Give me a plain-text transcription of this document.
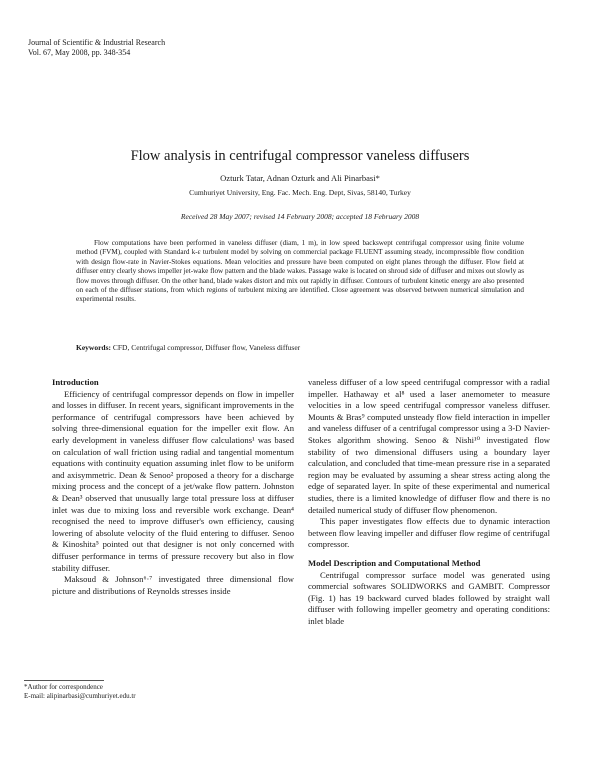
Journal of Scientific & Industrial Research
Vol. 67, May 2008, pp. 348-354
Flow analysis in centrifugal compressor vaneless diffusers
Ozturk Tatar, Adnan Ozturk and Ali Pinarbasi*
Cumhuriyet University, Eng. Fac. Mech. Eng. Dept, Sivas, 58140, Turkey
Received 28 May 2007; revised 14 February 2008; accepted 18 February 2008
Flow computations have been performed in vaneless diffuser (diam, 1 m), in low speed backswept centrifugal compressor using finite volume method (FVM), coupled with Standard k-ε turbulent model by solving on commercial package FLUENT assuming steady, incompressible flow condition with design flow-rate in Navier-Stokes equations. Mean velocities and pressure have been computed on eight planes through the diffuser. Flow field at diffuser entry clearly shows impeller jet-wake flow pattern and the blade wakes. Passage wake is located on shroud side of diffuser and mixes out slowly as flow moves through diffuser. On the other hand, blade wakes distort and mix out rapidly in diffuser. Contours of turbulent kinetic energy are also presented on each of the diffuser stations, from which regions of turbulent mixing are identified. Close agreement was observed between numerical simulation and experimental results.
Keywords: CFD, Centrifugal compressor, Diffuser flow, Vaneless diffuser

Introduction

Efficiency of centrifugal compressor depends on flow in impeller and losses in diffuser. In recent years, significant improvements in the performance of centrifugal compressors have been achieved by solving three-dimensional equation for the impeller exit flow. An early development in vaneless diffuser flow calculations¹ was based on calculation of wall friction using radial and tangential momentum equations with continuity equation assuming inlet flow to be uniform and axisymmetric. Dean & Senoo² proposed a theory for a discharge mixing process and the concept of a jet/wake flow pattern. Johnston & Dean³ observed that unusually large total pressure loss at diffuser inlet was due to mixing loss and reversible work exchange. Dean⁴ recognised the need to improve diffuser's own efficiency, causing lowering of absolute velocity of the fluid entering to diffuser. Senoo & Kinoshita⁵ pointed out that designer is not only concerned with diffuser performance in terms of pressure recovery but also in flow stability diffuser.

Maksoud & Johnson⁶·⁷ investigated three dimensional flow picture and distributions of Reynolds stresses inside

vaneless diffuser of a low speed centrifugal compressor with a radial impeller. Hathaway et al⁸ used a laser anemometer to measure velocities in a low speed centrifugal compressor vaneless diffuser. Mounts & Bras⁹ computed unsteady flow field interaction in impeller and vaneless diffuser of a centrifugal compressor using a 3-D Navier-Stokes algorithm showing. Senoo & Nishi¹⁰ investigated flow stability of two dimensional diffusers using a boundary layer calculation, and concluded that time-mean pressure rise in a separated region may be evaluated by assuming a shear stress acting along the edge of separated layer. In spite of these experimental and numerical studies, there is a limited knowledge of diffuser flow and there is no detailed numerical study of diffuser flow phenomenon.

This paper investigates flow effects due to dynamic interaction between flow leaving impeller and diffuser flow regime of centrifugal compressor.

Model Description and Computational Method

Centrifugal compressor surface model was generated using commercial softwares SOLIDWORKS and GAMBIT. Compressor (Fig. 1) has 19 backward curved blades followed by straight wall diffuser with following impeller geometry and operating conditions: inlet blade

*Author for correspondence
E-mail: alipinarbasi@cumhuriyet.edu.tr
